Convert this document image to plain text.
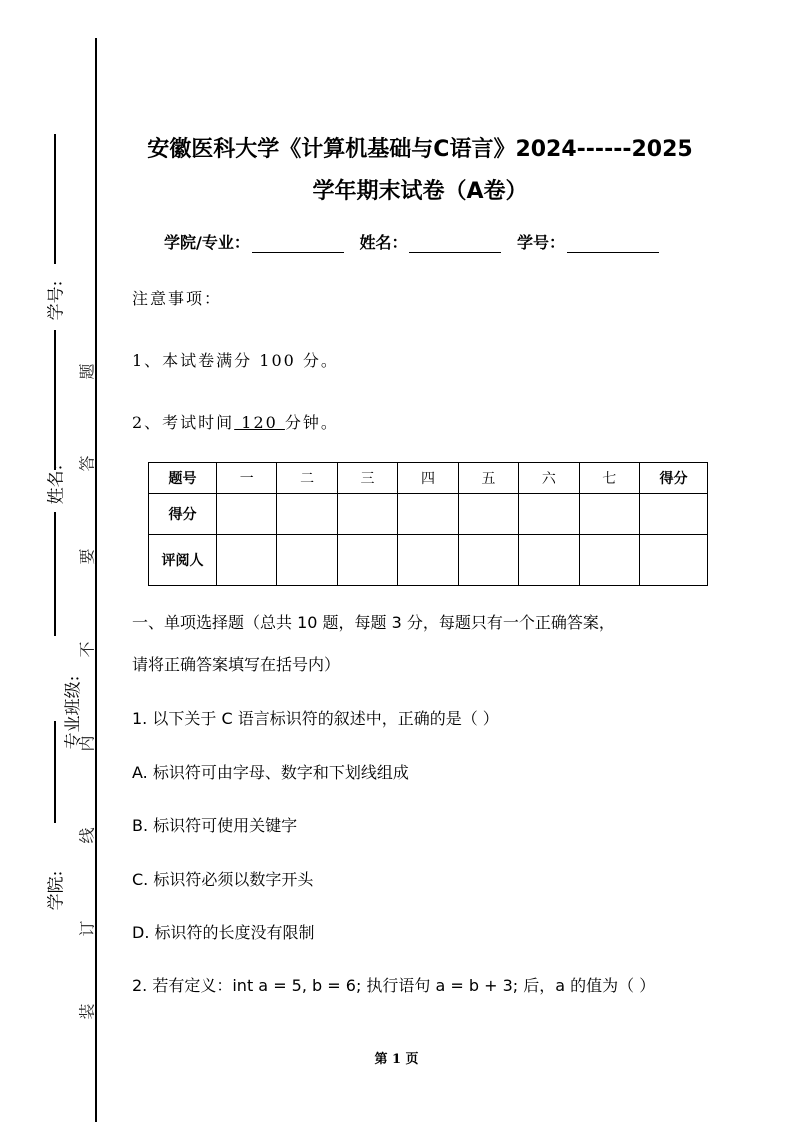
学号:
姓名:
专业班级:
学院:
题
答
要
不
内
线
订
装
安徽医科大学《计算机基础与C语言》2024------2025
学年期末试卷（A卷）
学院/专业：	姓名：	学号：
注意事项：
1、本试卷满分 100 分。
2、考试时间 120 分钟。
题号	一	二	三	四	五	六	七	得分
得分								
评阅人								
一、单项选择题（总共 10 题，每题 3 分，每题只有一个正确答案，
请将正确答案填写在括号内）
1. 以下关于 C 语言标识符的叙述中，正确的是（ ）
A. 标识符可由字母、数字和下划线组成
B. 标识符可使用关键字
C. 标识符必须以数字开头
D. 标识符的长度没有限制
2. 若有定义：int a = 5, b = 6; 执行语句 a = b + 3; 后，a 的值为（ ）
第 1 页
